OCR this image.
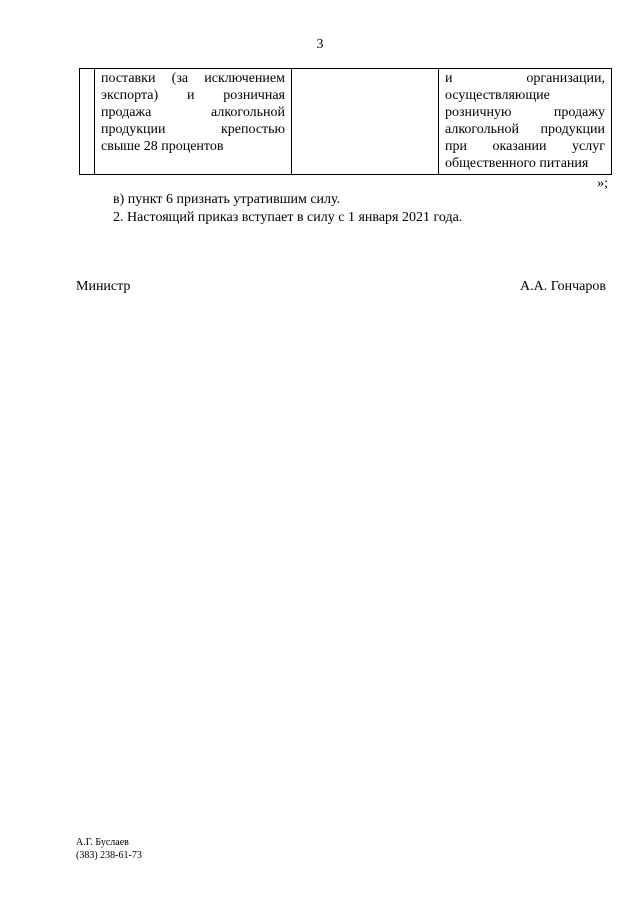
3

поставки (за исключением
экспорта) и розничная
продажа алкогольной
продукции крепостью
свыше 28 процентов

и организации,
осуществляющие
розничную продажу
алкогольной продукции
при оказании услуг
общественного питания
»;
в) пункт 6 признать утратившим силу.
2. Настоящий приказ вступает в силу с 1 января 2021 года.
Министр	А.А. Гончаров
А.Г. Буслаев
(383) 238-61-73
